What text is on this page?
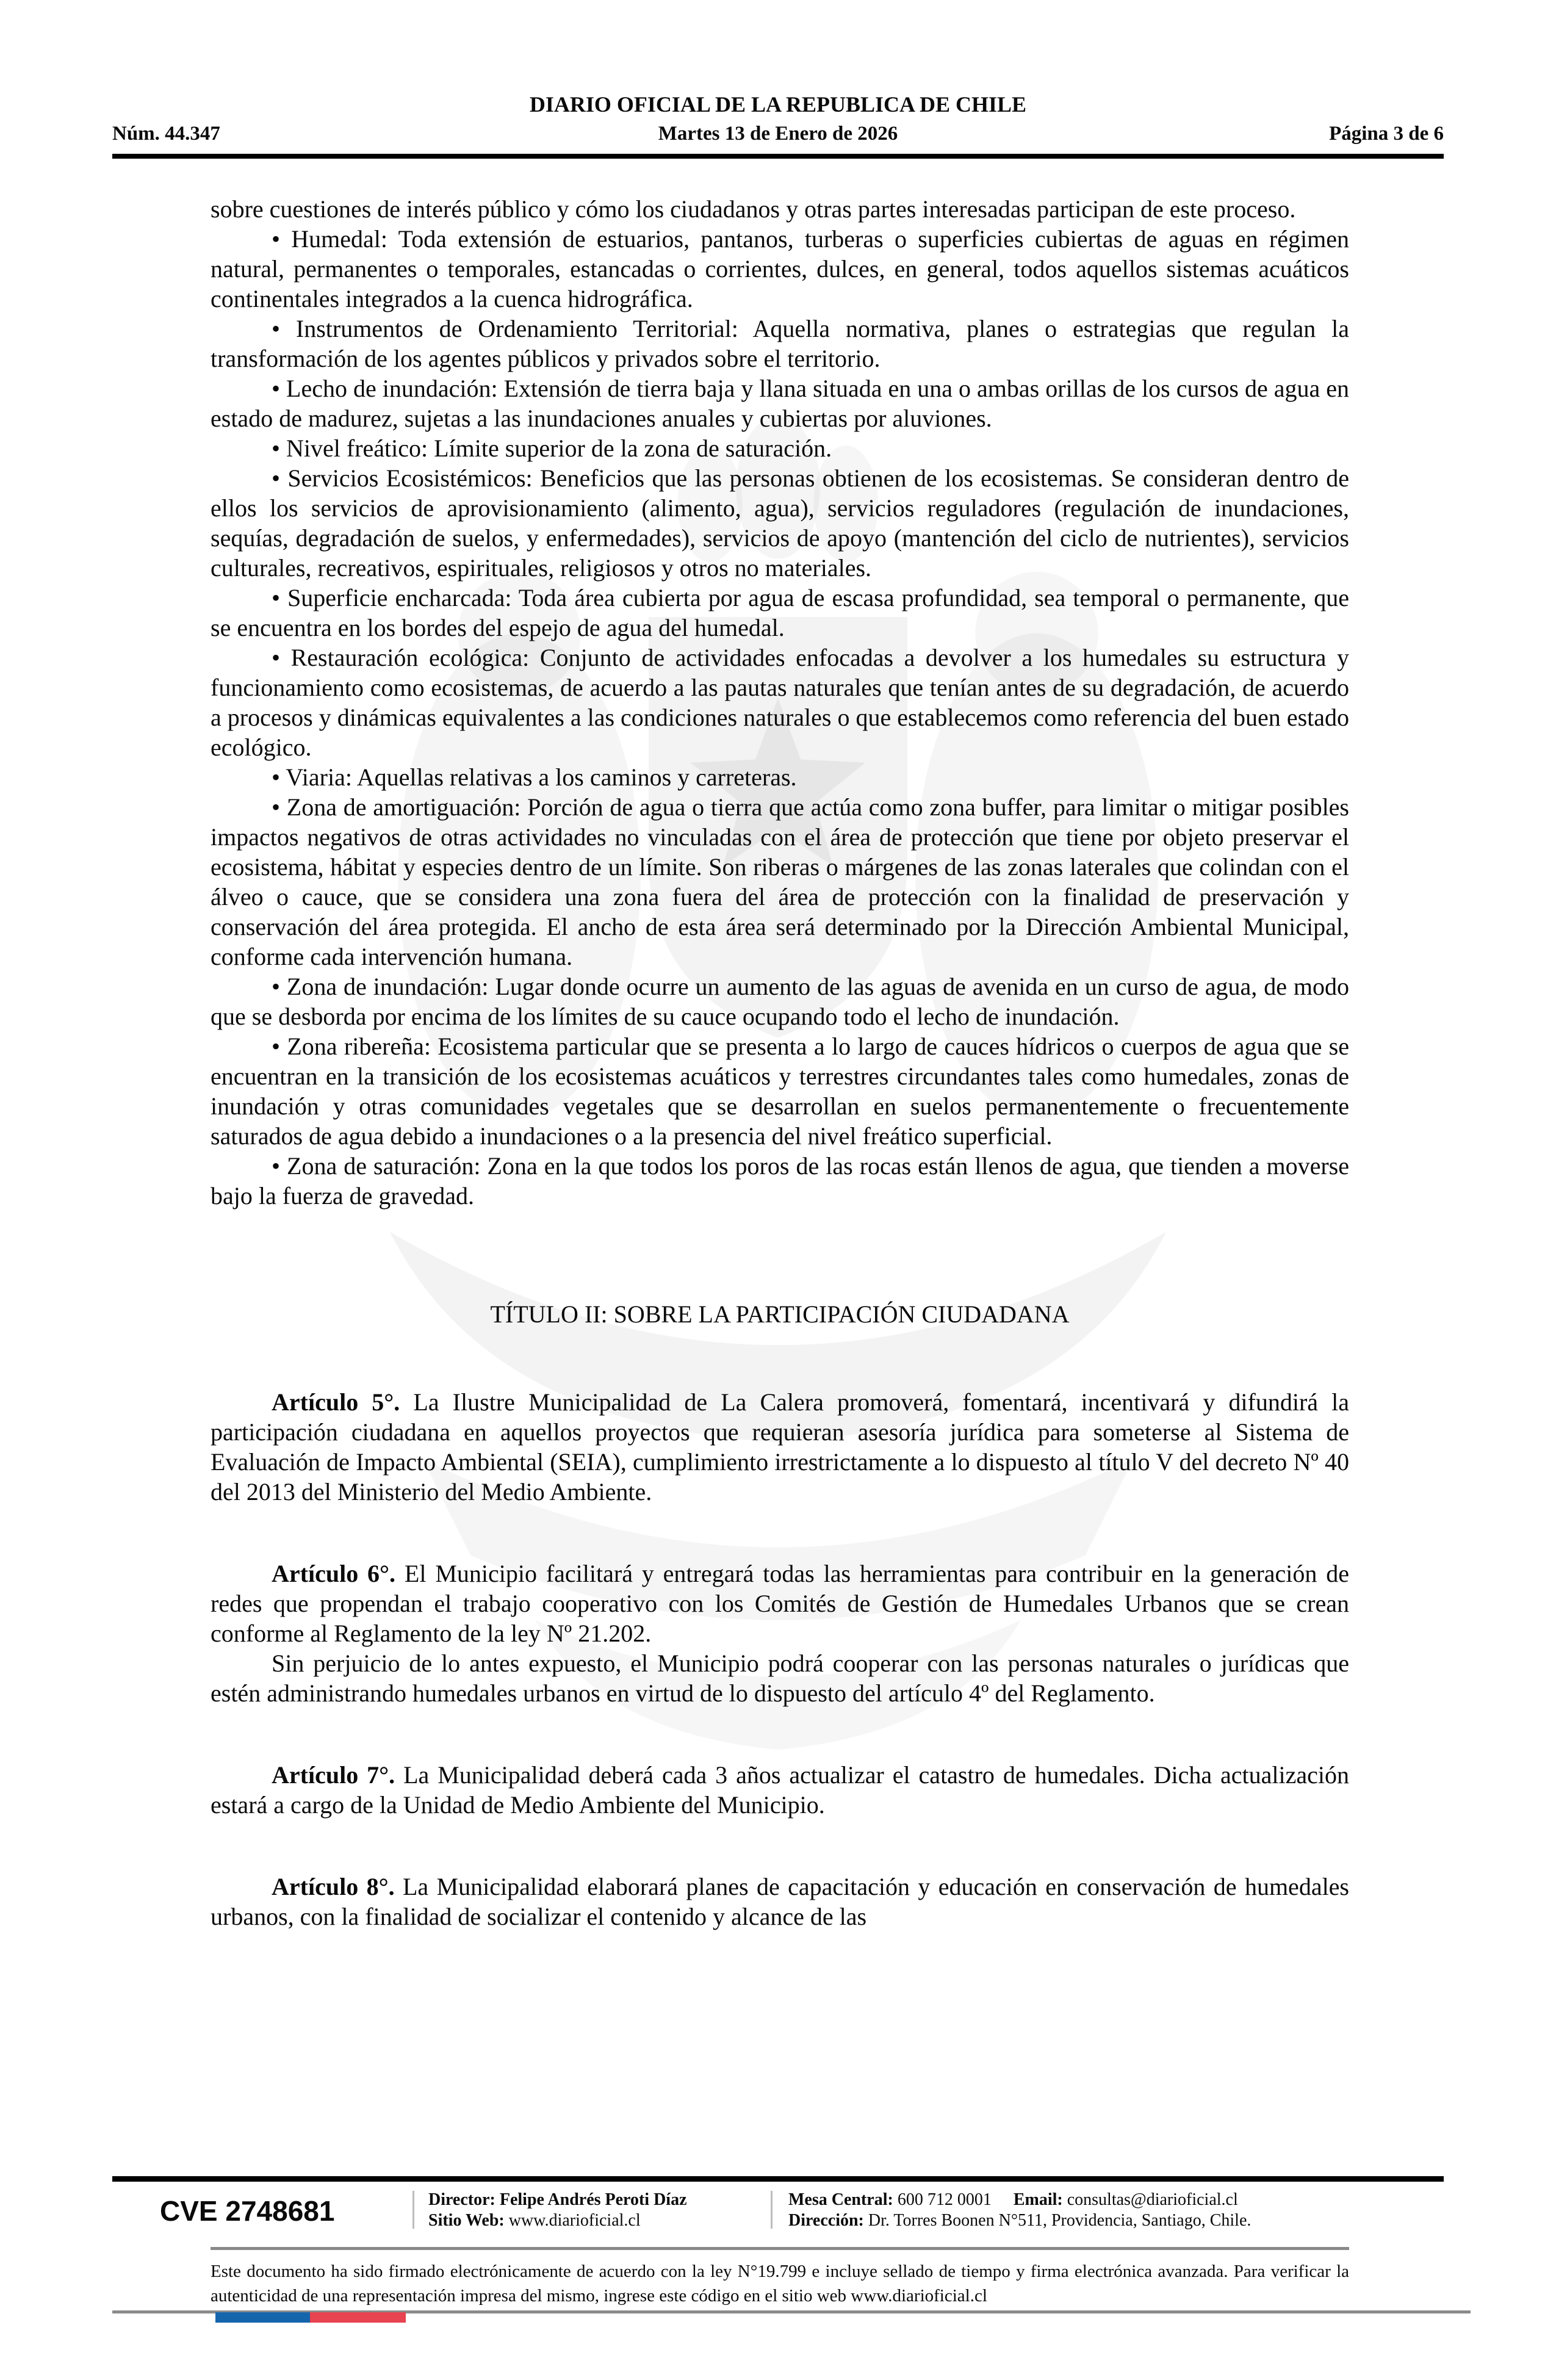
DIARIO OFICIAL DE LA REPUBLICA DE CHILE
Núm. 44.347	Martes 13 de Enero de 2026	Página 3 de 6

sobre cuestiones de interés público y cómo los ciudadanos y otras partes interesadas participan de este proceso.

• Humedal: Toda extensión de estuarios, pantanos, turberas o superficies cubiertas de aguas en régimen natural, permanentes o temporales, estancadas o corrientes, dulces, en general, todos aquellos sistemas acuáticos continentales integrados a la cuenca hidrográfica.

• Instrumentos de Ordenamiento Territorial: Aquella normativa, planes o estrategias que regulan la transformación de los agentes públicos y privados sobre el territorio.

• Lecho de inundación: Extensión de tierra baja y llana situada en una o ambas orillas de los cursos de agua en estado de madurez, sujetas a las inundaciones anuales y cubiertas por aluviones.

• Nivel freático: Límite superior de la zona de saturación.

• Servicios Ecosistémicos: Beneficios que las personas obtienen de los ecosistemas. Se consideran dentro de ellos los servicios de aprovisionamiento (alimento, agua), servicios reguladores (regulación de inundaciones, sequías, degradación de suelos, y enfermedades), servicios de apoyo (mantención del ciclo de nutrientes), servicios culturales, recreativos, espirituales, religiosos y otros no materiales.

• Superficie encharcada: Toda área cubierta por agua de escasa profundidad, sea temporal o permanente, que se encuentra en los bordes del espejo de agua del humedal.

• Restauración ecológica: Conjunto de actividades enfocadas a devolver a los humedales su estructura y funcionamiento como ecosistemas, de acuerdo a las pautas naturales que tenían antes de su degradación, de acuerdo a procesos y dinámicas equivalentes a las condiciones naturales o que establecemos como referencia del buen estado ecológico.

• Viaria: Aquellas relativas a los caminos y carreteras.

• Zona de amortiguación: Porción de agua o tierra que actúa como zona buffer, para limitar o mitigar posibles impactos negativos de otras actividades no vinculadas con el área de protección que tiene por objeto preservar el ecosistema, hábitat y especies dentro de un límite. Son riberas o márgenes de las zonas laterales que colindan con el álveo o cauce, que se considera una zona fuera del área de protección con la finalidad de preservación y conservación del área protegida. El ancho de esta área será determinado por la Dirección Ambiental Municipal, conforme cada intervención humana.

• Zona de inundación: Lugar donde ocurre un aumento de las aguas de avenida en un curso de agua, de modo que se desborda por encima de los límites de su cauce ocupando todo el lecho de inundación.

• Zona ribereña: Ecosistema particular que se presenta a lo largo de cauces hídricos o cuerpos de agua que se encuentran en la transición de los ecosistemas acuáticos y terrestres circundantes tales como humedales, zonas de inundación y otras comunidades vegetales que se desarrollan en suelos permanentemente o frecuentemente saturados de agua debido a inundaciones o a la presencia del nivel freático superficial.

• Zona de saturación: Zona en la que todos los poros de las rocas están llenos de agua, que tienden a moverse bajo la fuerza de gravedad.

TÍTULO II: SOBRE LA PARTICIPACIÓN CIUDADANA

Artículo 5°. La Ilustre Municipalidad de La Calera promoverá, fomentará, incentivará y difundirá la participación ciudadana en aquellos proyectos que requieran asesoría jurídica para someterse al Sistema de Evaluación de Impacto Ambiental (SEIA), cumplimiento irrestrictamente a lo dispuesto al título V del decreto Nº 40 del 2013 del Ministerio del Medio Ambiente.

Artículo 6°. El Municipio facilitará y entregará todas las herramientas para contribuir en la generación de redes que propendan el trabajo cooperativo con los Comités de Gestión de Humedales Urbanos que se crean conforme al Reglamento de la ley Nº 21.202.

Sin perjuicio de lo antes expuesto, el Municipio podrá cooperar con las personas naturales o jurídicas que estén administrando humedales urbanos en virtud de lo dispuesto del artículo 4º del Reglamento.

Artículo 7°. La Municipalidad deberá cada 3 años actualizar el catastro de humedales. Dicha actualización estará a cargo de la Unidad de Medio Ambiente del Municipio.

Artículo 8°. La Municipalidad elaborará planes de capacitación y educación en conservación de humedales urbanos, con la finalidad de socializar el contenido y alcance de las

CVE 2748681	Director: Felipe Andrés Peroti Díaz
Sitio Web: www.diarioficial.cl
Mesa Central: 600 712 0001 Email: consultas@diarioficial.cl
Dirección: Dr. Torres Boonen N°511, Providencia, Santiago, Chile.

Este documento ha sido firmado electrónicamente de acuerdo con la ley N°19.799 e incluye sellado de tiempo y firma electrónica avanzada. Para verificar la autenticidad de una representación impresa del mismo, ingrese este código en el sitio web www.diarioficial.cl
